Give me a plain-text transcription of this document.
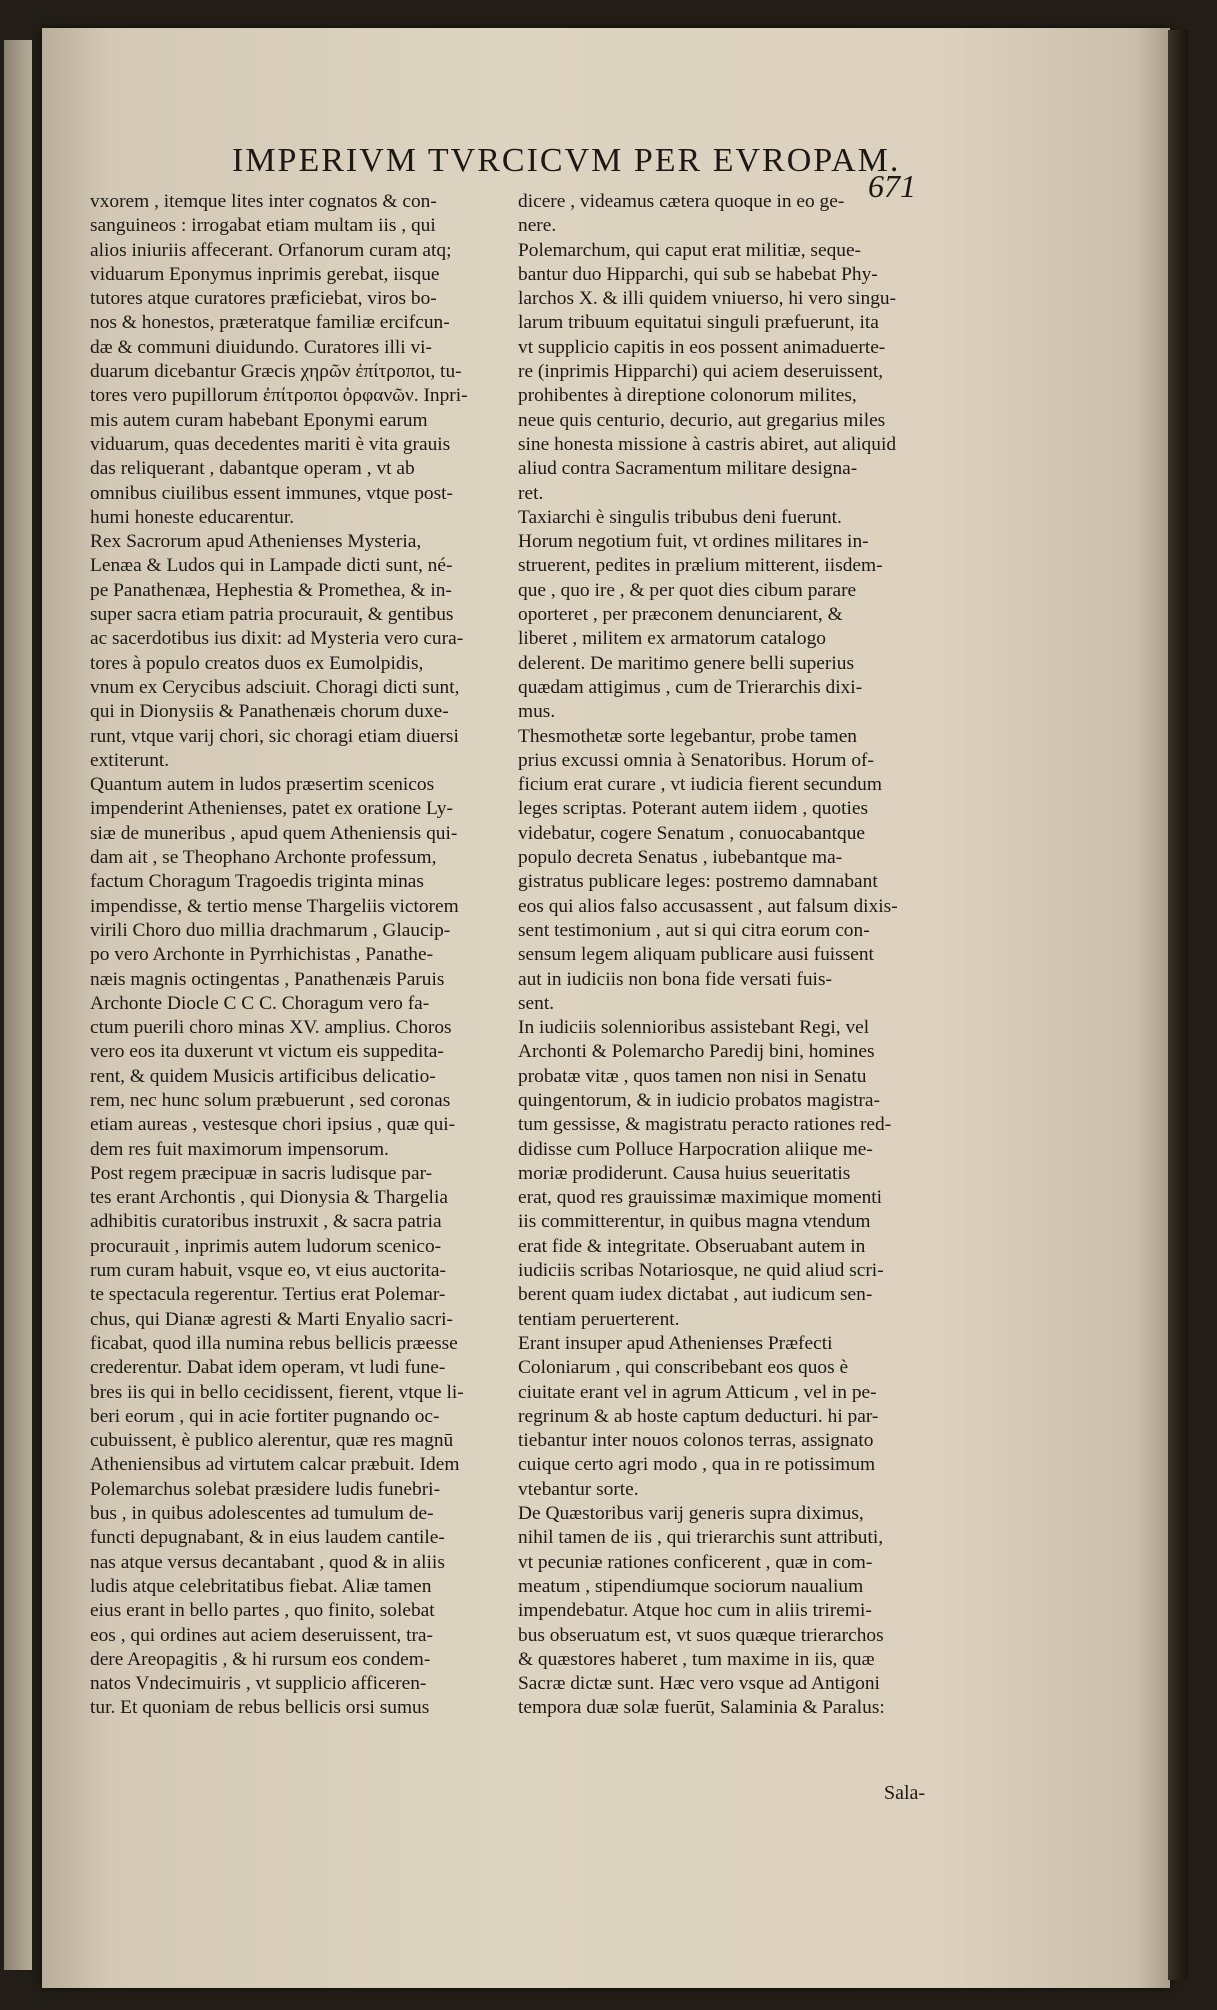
IMPERIVM TVRCICVM PER EVROPAM.
671
vxorem , itemque lites inter cognatos & con-
sanguineos : irrogabat etiam multam iis , qui
alios iniuriis affecerant. Orfanorum curam atq;
viduarum Eponymus inprimis gerebat, iisque
tutores atque curatores præficiebat, viros bo-
nos & honestos, præteratque familiæ ercifcun-
dæ & communi diuidundo. Curatores illi vi-
duarum dicebantur Græcis χηρῶν ἐπίτροποι, tu-
tores vero pupillorum ἐπίτροποι ὀρφανῶν. Inpri-
mis autem curam habebant Eponymi earum
viduarum, quas decedentes mariti è vita grauis
das reliquerant , dabantque operam , vt ab
omnibus ciuilibus essent immunes, vtque post-
humi honeste educarentur.
Rex Sacrorum apud Athenienses Mysteria,
Lenæa & Ludos qui in Lampade dicti sunt, né-
pe Panathenæa, Hephestia & Promethea, & in-
super sacra etiam patria procurauit, & gentibus
ac sacerdotibus ius dixit: ad Mysteria vero cura-
tores à populo creatos duos ex Eumolpidis,
vnum ex Cerycibus adsciuit. Choragi dicti sunt,
qui in Dionysiis & Panathenæis chorum duxe-
runt, vtque varij chori, sic choragi etiam diuersi
extiterunt.
Quantum autem in ludos præsertim scenicos
impenderint Athenienses, patet ex oratione Ly-
siæ de muneribus , apud quem Atheniensis qui-
dam ait , se Theophano Archonte professum,
factum Choragum Tragoedis triginta minas
impendisse, & tertio mense Thargeliis victorem
virili Choro duo millia drachmarum , Glaucip-
po vero Archonte in Pyrrhichistas , Panathe-
næis magnis octingentas , Panathenæis Paruis
Archonte Diocle C C C. Choragum vero fa-
ctum puerili choro minas XV. amplius. Choros
vero eos ita duxerunt vt victum eis suppedita-
rent, & quidem Musicis artificibus delicatio-
rem, nec hunc solum præbuerunt , sed coronas
etiam aureas , vestesque chori ipsius , quæ qui-
dem res fuit maximorum impensorum.
Post regem præcipuæ in sacris ludisque par-
tes erant Archontis , qui Dionysia & Thargelia
adhibitis curatoribus instruxit , & sacra patria
procurauit , inprimis autem ludorum scenico-
rum curam habuit, vsque eo, vt eius auctorita-
te spectacula regerentur. Tertius erat Polemar-
chus, qui Dianæ agresti & Marti Enyalio sacri-
ficabat, quod illa numina rebus bellicis præesse
crederentur. Dabat idem operam, vt ludi fune-
bres iis qui in bello cecidissent, fierent, vtque li-
beri eorum , qui in acie fortiter pugnando oc-
cubuissent, è publico alerentur, quæ res magnū
Atheniensibus ad virtutem calcar præbuit. Idem
Polemarchus solebat præsidere ludis funebri-
bus , in quibus adolescentes ad tumulum de-
functi depugnabant, & in eius laudem cantile-
nas atque versus decantabant , quod & in aliis
ludis atque celebritatibus fiebat. Aliæ tamen
eius erant in bello partes , quo finito, solebat
eos , qui ordines aut aciem deseruissent, tra-
dere Areopagitis , & hi rursum eos condem-
natos Vndecimuiris , vt supplicio afficeren-
tur. Et quoniam de rebus bellicis orsi sumus
dicere , videamus cætera quoque in eo ge-
nere.
Polemarchum, qui caput erat militiæ, seque-
bantur duo Hipparchi, qui sub se habebat Phy-
larchos X. & illi quidem vniuerso, hi vero singu-
larum tribuum equitatui singuli præfuerunt, ita
vt supplicio capitis in eos possent animaduerte-
re (inprimis Hipparchi) qui aciem deseruissent,
prohibentes à direptione colonorum milites,
neue quis centurio, decurio, aut gregarius miles
sine honesta missione à castris abiret, aut aliquid
aliud contra Sacramentum militare designa-
ret.
Taxiarchi è singulis tribubus deni fuerunt.
Horum negotium fuit, vt ordines militares in-
struerent, pedites in prælium mitterent, iisdem-
que , quo ire , & per quot dies cibum parare
oporteret , per præconem denunciarent, &
liberet , militem ex armatorum catalogo
delerent. De maritimo genere belli superius
quædam attigimus , cum de Trierarchis dixi-
mus.
Thesmothetæ sorte legebantur, probe tamen
prius excussi omnia à Senatoribus. Horum of-
ficium erat curare , vt iudicia fierent secundum
leges scriptas. Poterant autem iidem , quoties
videbatur, cogere Senatum , conuocabantque
populo decreta Senatus , iubebantque ma-
gistratus publicare leges: postremo damnabant
eos qui alios falso accusassent , aut falsum dixis-
sent testimonium , aut si qui citra eorum con-
sensum legem aliquam publicare ausi fuissent
aut in iudiciis non bona fide versati fuis-
sent.
In iudiciis solennioribus assistebant Regi, vel
Archonti & Polemarcho Paredij bini, homines
probatæ vitæ , quos tamen non nisi in Senatu
quingentorum, & in iudicio probatos magistra-
tum gessisse, & magistratu peracto rationes red-
didisse cum Polluce Harpocration aliique me-
moriæ prodiderunt. Causa huius seueritatis
erat, quod res grauissimæ maximique momenti
iis committerentur, in quibus magna vtendum
erat fide & integritate. Obseruabant autem in
iudiciis scribas Notariosque, ne quid aliud scri-
berent quam iudex dictabat , aut iudicum sen-
tentiam peruerterent.
Erant insuper apud Athenienses Præfecti
Coloniarum , qui conscribebant eos quos è
ciuitate erant vel in agrum Atticum , vel in pe-
regrinum & ab hoste captum deducturi. hi par-
tiebantur inter nouos colonos terras, assignato
cuique certo agri modo , qua in re potissimum
vtebantur sorte.
De Quæstoribus varij generis supra diximus,
nihil tamen de iis , qui trierarchis sunt attributi,
vt pecuniæ rationes conficerent , quæ in com-
meatum , stipendiumque sociorum naualium
impendebatur. Atque hoc cum in aliis triremi-
bus obseruatum est, vt suos quæque trierarchos
& quæstores haberet , tum maxime in iis, quæ
Sacræ dictæ sunt. Hæc vero vsque ad Antigoni
tempora duæ solæ fuerūt, Salaminia & Paralus:
Sala-
